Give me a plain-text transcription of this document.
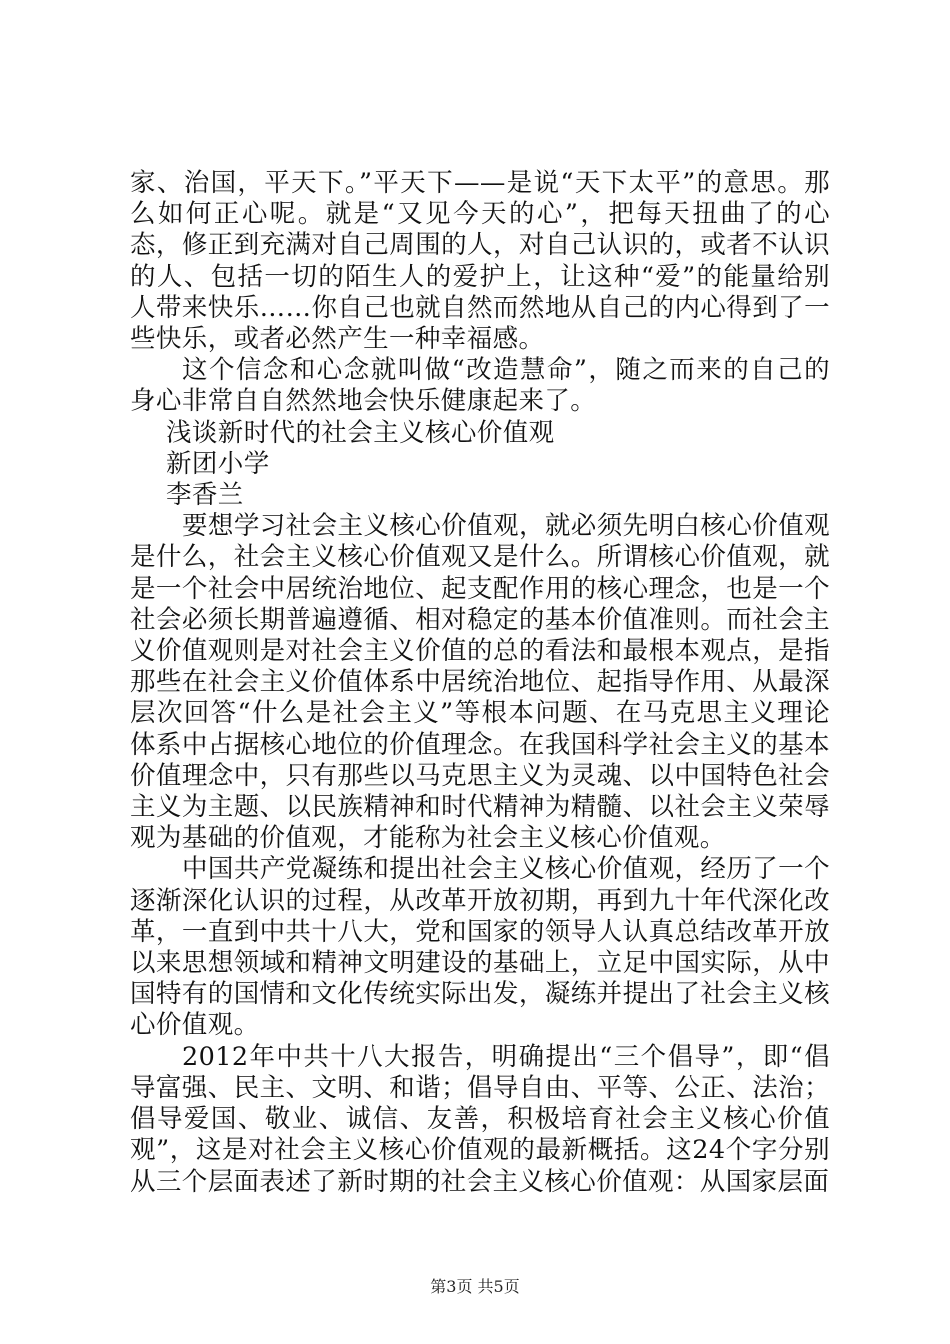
家、治国，平天下。”平天下——是说“天下太平”的意思。那么如何正心呢。就是“又见今天的心”，把每天扭曲了的心态，修正到充满对自己周围的人，对自己认识的，或者不认识的人、包括一切的陌生人的爱护上，让这种“爱”的能量给别人带来快乐……你自己也就自然而然地从自己的内心得到了一些快乐，或者必然产生一种幸福感。

这个信念和心念就叫做“改造慧命”，随之而来的自己的身心非常自自然然地会快乐健康起来了。

浅谈新时代的社会主义核心价值观

新团小学

李香兰

要想学习社会主义核心价值观，就必须先明白核心价值观是什么，社会主义核心价值观又是什么。所谓核心价值观，就是一个社会中居统治地位、起支配作用的核心理念，也是一个社会必须长期普遍遵循、相对稳定的基本价值准则。而社会主义价值观则是对社会主义价值的总的看法和最根本观点，是指那些在社会主义价值体系中居统治地位、起指导作用、从最深层次回答“什么是社会主义”等根本问题、在马克思主义理论体系中占据核心地位的价值理念。在我国科学社会主义的基本价值理念中，只有那些以马克思主义为灵魂、以中国特色社会主义为主题、以民族精神和时代精神为精髓、以社会主义荣辱观为基础的价值观，才能称为社会主义核心价值观。

中国共产党凝练和提出社会主义核心价值观，经历了一个逐渐深化认识的过程，从改革开放初期，再到九十年代深化改革，一直到中共十八大，党和国家的领导人认真总结改革开放以来思想领域和精神文明建设的基础上，立足中国实际，从中国特有的国情和文化传统实际出发，凝练并提出了社会主义核心价值观。

2012年中共十八大报告，明确提出“三个倡导”，即“倡导富强、民主、文明、和谐；倡导自由、平等、公正、法治；倡导爱国、敬业、诚信、友善，积极培育社会主义核心价值观”，这是对社会主义核心价值观的最新概括。这24个字分别从三个层面表述了新时期的社会主义核心价值观：从国家层面

第3页 共5页
